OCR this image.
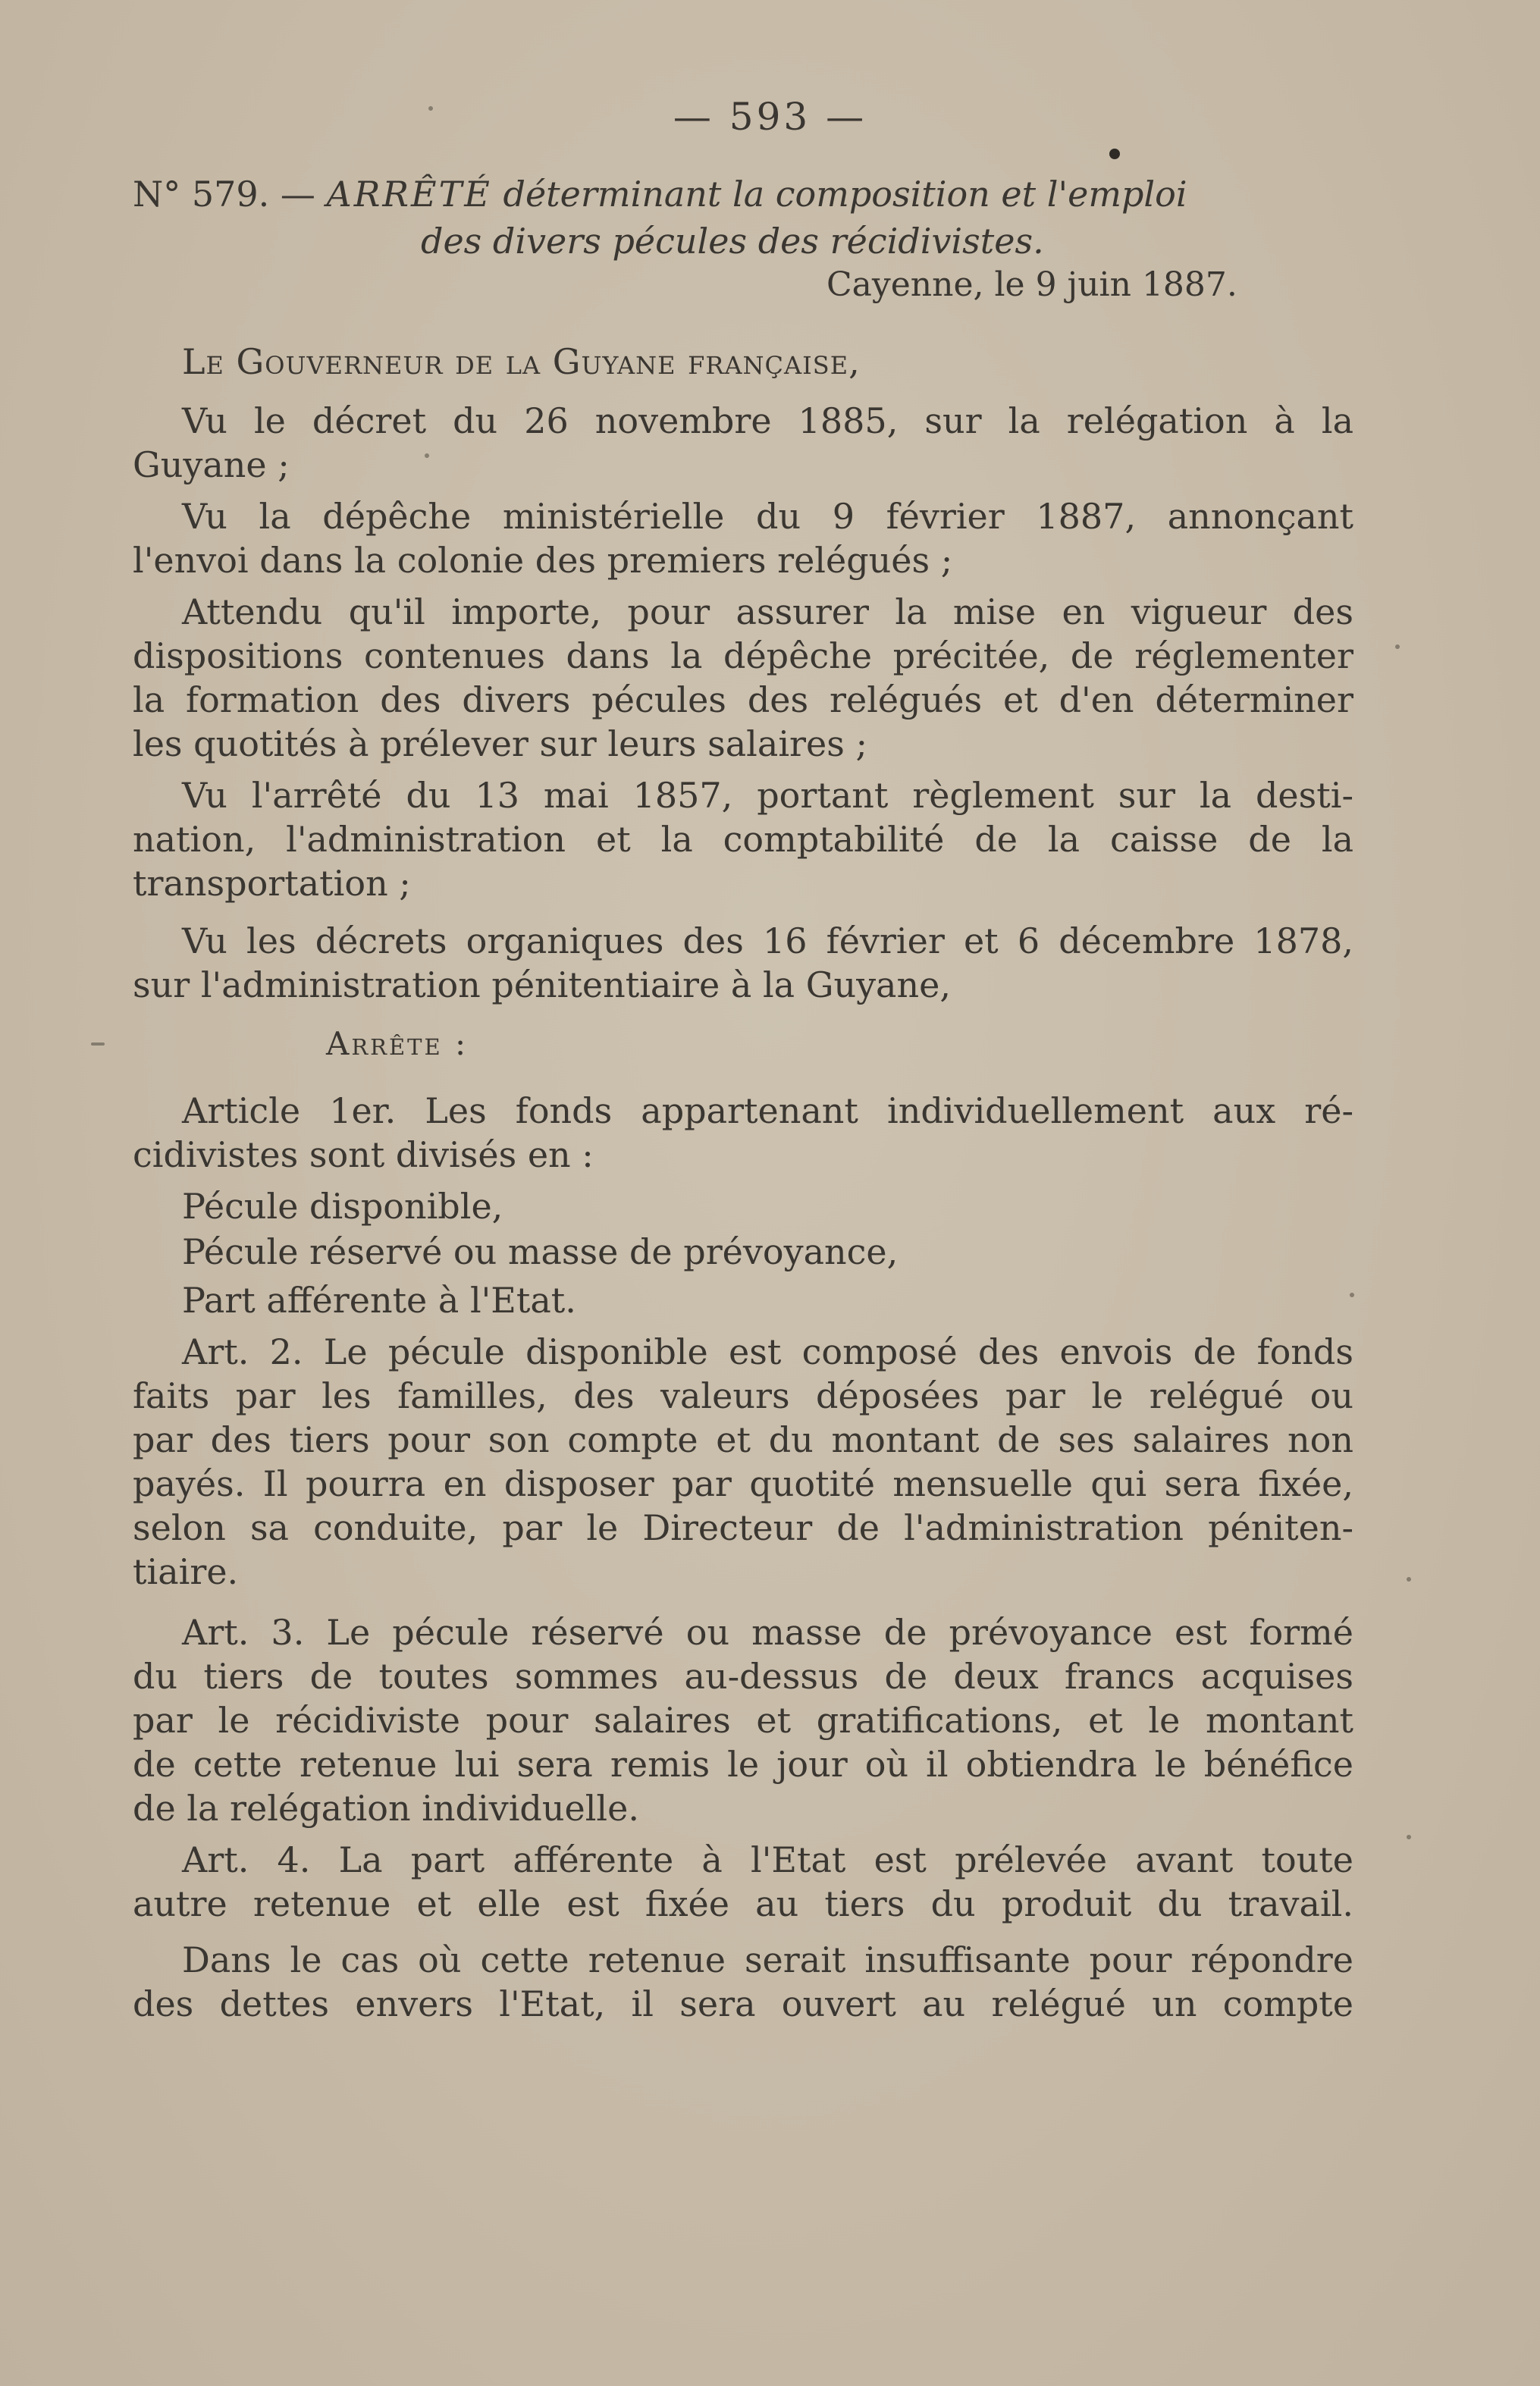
— 593 —
N° 579. — ARRÊTÉ déterminant la composition et l'emploi
des divers pécules des récidivistes.
Cayenne, le 9 juin 1887.
Le Gouverneur de la Guyane française,
Vu le décret du 26 novembre 1885, sur la relégation à la
Guyane ;
Vu la dépêche ministérielle du 9 février 1887, annonçant
l'envoi dans la colonie des premiers relégués ;
Attendu qu'il importe, pour assurer la mise en vigueur des
dispositions contenues dans la dépêche précitée, de réglementer
la formation des divers pécules des relégués et d'en déterminer
les quotités à prélever sur leurs salaires ;
Vu l'arrêté du 13 mai 1857, portant règlement sur la desti-
nation, l'administration et la comptabilité de la caisse de la
transportation ;
Vu les décrets organiques des 16 février et 6 décembre 1878,
sur l'administration pénitentiaire à la Guyane,
Arrête :
Article 1er. Les fonds appartenant individuellement aux ré-
cidivistes sont divisés en :
Pécule disponible,
Pécule réservé ou masse de prévoyance,
Part afférente à l'Etat.
Art. 2. Le pécule disponible est composé des envois de fonds
faits par les familles, des valeurs déposées par le relégué ou
par des tiers pour son compte et du montant de ses salaires non
payés. Il pourra en disposer par quotité mensuelle qui sera fixée,
selon sa conduite, par le Directeur de l'administration péniten-
tiaire.
Art. 3. Le pécule réservé ou masse de prévoyance est formé
du tiers de toutes sommes au-dessus de deux francs acquises
par le récidiviste pour salaires et gratifications, et le montant
de cette retenue lui sera remis le jour où il obtiendra le bénéfice
de la relégation individuelle.
Art. 4. La part afférente à l'Etat est prélevée avant toute
autre retenue et elle est fixée au tiers du produit du travail.
Dans le cas où cette retenue serait insuffisante pour répondre
des dettes envers l'Etat, il sera ouvert au relégué un compte
